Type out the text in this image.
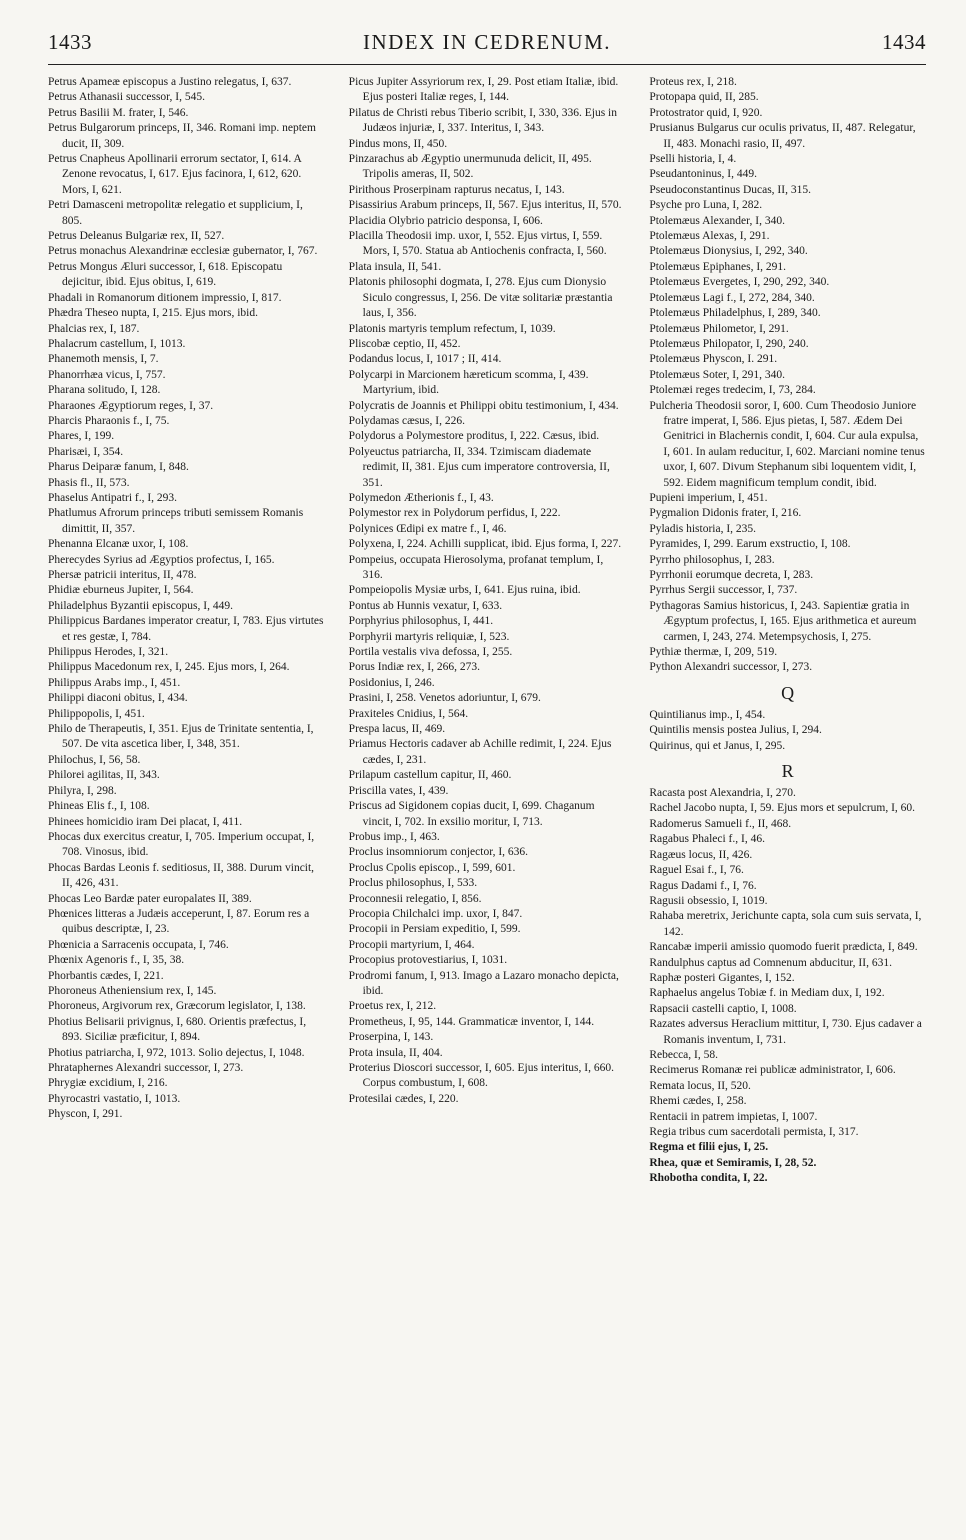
1433	INDEX IN CEDRENUM.	1434

Petrus Apameæ episcopus a Justino relegatus, I, 637.

Petrus Athanasii successor, I, 545.

Petrus Basilii M. frater, I, 546.

Petrus Bulgarorum princeps, II, 346. Romani imp. neptem ducit, II, 309.

Petrus Cnapheus Apollinarii errorum sectator, I, 614. A Zenone revocatus, I, 617. Ejus facinora, I, 612, 620. Mors, I, 621.

Petri Damasceni metropolitæ relegatio et supplicium, I, 805.

Petrus Deleanus Bulgariæ rex, II, 527.

Petrus monachus Alexandrinæ ecclesiæ gubernator, I, 767.

Petrus Mongus Æluri successor, I, 618. Episcopatu dejicitur, ibid. Ejus obitus, I, 619.

Phadali in Romanorum ditionem impressio, I, 817.

Phædra Theseo nupta, I, 215. Ejus mors, ibid.

Phalcias rex, I, 187.

Phalacrum castellum, I, 1013.

Phanemoth mensis, I, 7.

Phanorrhæa vicus, I, 757.

Pharana solitudo, I, 128.

Pharaones Ægyptiorum reges, I, 37.

Pharcis Pharaonis f., I, 75.

Phares, I, 199.

Pharisæi, I, 354.

Pharus Deiparæ fanum, I, 848.

Phasis fl., II, 573.

Phaselus Antipatri f., I, 293.

Phatlumus Afrorum princeps tributi semissem Romanis dimittit, II, 357.

Phenanna Elcanæ uxor, I, 108.

Pherecydes Syrius ad Ægyptios profectus, I, 165.

Phersæ patricii interitus, II, 478.

Phidiæ eburneus Jupiter, I, 564.

Philadelphus Byzantii episcopus, I, 449.

Philippicus Bardanes imperator creatur, I, 783. Ejus virtutes et res gestæ, I, 784.

Philippus Herodes, I, 321.

Philippus Macedonum rex, I, 245. Ejus mors, I, 264.

Philippus Arabs imp., I, 451.

Philippi diaconi obitus, I, 434.

Philippopolis, I, 451.

Philo de Therapeutis, I, 351. Ejus de Trinitate sententia, I, 507. De vita ascetica liber, I, 348, 351.

Philochus, I, 56, 58.

Philorei agilitas, II, 343.

Philyra, I, 298.

Phineas Elis f., I, 108.

Phinees homicidio iram Dei placat, I, 411.

Phocas dux exercitus creatur, I, 705. Imperium occupat, I, 708. Vinosus, ibid.

Phocas Bardas Leonis f. seditiosus, II, 388. Durum vincit, II, 426, 431.

Phocas Leo Bardæ pater europalates II, 389.

Phœnices litteras a Judæis acceperunt, I, 87. Eorum res a quibus descriptæ, I, 23.

Phœnicia a Sarracenis occupata, I, 746.

Phœnix Agenoris f., I, 35, 38.

Phorbantis cædes, I, 221.

Phoroneus Atheniensium rex, I, 145.

Phoroneus, Argivorum rex, Græcorum legislator, I, 138.

Photius Belisarii privignus, I, 680. Orientis præfectus, I, 893. Siciliæ præficitur, I, 894.

Photius patriarcha, I, 972, 1013. Solio dejectus, I, 1048.

Phrataphernes Alexandri successor, I, 273.

Phrygiæ excidium, I, 216.

Phyrocastri vastatio, I, 1013.

Physcon, I, 291.

Picus Jupiter Assyriorum rex, I, 29. Post etiam Italiæ, ibid. Ejus posteri Italiæ reges, I, 144.

Pilatus de Christi rebus Tiberio scribit, I, 330, 336. Ejus in Judæos injuriæ, I, 337. Interitus, I, 343.

Pindus mons, II, 450.

Pinzarachus ab Ægyptio unermunuda delicit, II, 495. Tripolis ameras, II, 502.

Pirithous Proserpinam rapturus necatus, I, 143.

Pisassirius Arabum princeps, II, 567. Ejus interitus, II, 570.

Placidia Olybrio patricio desponsa, I, 606.

Placilla Theodosii imp. uxor, I, 552. Ejus virtus, I, 559. Mors, I, 570. Statua ab Antiochenis confracta, I, 560.

Plata insula, II, 541.

Platonis philosophi dogmata, I, 278. Ejus cum Dionysio Siculo congressus, I, 256. De vitæ solitariæ præstantia laus, I, 356.

Platonis martyris templum refectum, I, 1039.

Pliscobæ ceptio, II, 452.

Podandus locus, I, 1017 ; II, 414.

Polycarpi in Marcionem hæreticum scomma, I, 439. Martyrium, ibid.

Polycratis de Joannis et Philippi obitu testimonium, I, 434.

Polydamas cæsus, I, 226.

Polydorus a Polymestore proditus, I, 222. Cæsus, ibid.

Polyeuctus patriarcha, II, 334. Tzimiscam diademate redimit, II, 381. Ejus cum imperatore controversia, II, 351.

Polymedon Ætherionis f., I, 43.

Polymestor rex in Polydorum perfidus, I, 222.

Polynices Œdipi ex matre f., I, 46.

Polyxena, I, 224. Achilli supplicat, ibid. Ejus forma, I, 227.

Pompeius, occupata Hierosolyma, profanat templum, I, 316.

Pompeiopolis Mysiæ urbs, I, 641. Ejus ruina, ibid.

Pontus ab Hunnis vexatur, I, 633.

Porphyrius philosophus, I, 441.

Porphyrii martyris reliquiæ, I, 523.

Portila vestalis viva defossa, I, 255.

Porus Indiæ rex, I, 266, 273.

Posidonius, I, 246.

Prasini, I, 258. Venetos adoriuntur, I, 679.

Praxiteles Cnidius, I, 564.

Prespa lacus, II, 469.

Priamus Hectoris cadaver ab Achille redimit, I, 224. Ejus cædes, I, 231.

Prilapum castellum capitur, II, 460.

Priscilla vates, I, 439.

Priscus ad Sigidonem copias ducit, I, 699. Chaganum vincit, I, 702. In exsilio moritur, I, 713.

Probus imp., I, 463.

Proclus insomniorum conjector, I, 636.

Proclus Cpolis episcop., I, 599, 601.

Proclus philosophus, I, 533.

Proconnesii relegatio, I, 856.

Procopia Chilchalci imp. uxor, I, 847.

Procopii in Persiam expeditio, I, 599.

Procopii martyrium, I, 464.

Procopius protovestiarius, I, 1031.

Prodromi fanum, I, 913. Imago a Lazaro monacho depicta, ibid.

Proetus rex, I, 212.

Prometheus, I, 95, 144. Grammaticæ inventor, I, 144.

Proserpina, I, 143.

Prota insula, II, 404.

Proterius Dioscori successor, I, 605. Ejus interitus, I, 660. Corpus combustum, I, 608.

Protesilai cædes, I, 220.

Proteus rex, I, 218.

Protopapa quid, II, 285.

Protostrator quid, I, 920.

Prusianus Bulgarus cur oculis privatus, II, 487. Relegatur, II, 483. Monachi rasio, II, 497.

Pselli historia, I, 4.

Pseudantoninus, I, 449.

Pseudoconstantinus Ducas, II, 315.

Psyche pro Luna, I, 282.

Ptolemæus Alexander, I, 340.

Ptolemæus Alexas, I, 291.

Ptolemæus Dionysius, I, 292, 340.

Ptolemæus Epiphanes, I, 291.

Ptolemæus Evergetes, I, 290, 292, 340.

Ptolemæus Lagi f., I, 272, 284, 340.

Ptolemæus Philadelphus, I, 289, 340.

Ptolemæus Philometor, I, 291.

Ptolemæus Philopator, I, 290, 240.

Ptolemæus Physcon, I. 291.

Ptolemæus Soter, I, 291, 340.

Ptolemæi reges tredecim, I, 73, 284.

Pulcheria Theodosii soror, I, 600. Cum Theodosio Juniore fratre imperat, I, 586. Ejus pietas, I, 587. Ædem Dei Genitrici in Blachernis condit, I, 604. Cur aula expulsa, I, 601. In aulam reducitur, I, 602. Marciani nomine tenus uxor, I, 607. Divum Stephanum sibi loquentem vidit, I, 592. Eidem magnificum templum condit, ibid.

Pupieni imperium, I, 451.

Pygmalion Didonis frater, I, 216.

Pyladis historia, I, 235.

Pyramides, I, 299. Earum exstructio, I, 108.

Pyrrho philosophus, I, 283.

Pyrrhonii eorumque decreta, I, 283.

Pyrrhus Sergii successor, I, 737.

Pythagoras Samius historicus, I, 243. Sapientiæ gratia in Ægyptum profectus, I, 165. Ejus arithmetica et aureum carmen, I, 243, 274. Metempsychosis, I, 275.

Pythiæ thermæ, I, 209, 519.

Python Alexandri successor, I, 273.

Q

Quintilianus imp., I, 454.

Quintilis mensis postea Julius, I, 294.

Quirinus, qui et Janus, I, 295.

R

Racasta post Alexandria, I, 270.

Rachel Jacobo nupta, I, 59. Ejus mors et sepulcrum, I, 60.

Radomerus Samueli f., II, 468.

Ragabus Phaleci f., I, 46.

Ragæus locus, II, 426.

Raguel Esai f., I, 76.

Ragus Dadami f., I, 76.

Ragusii obsessio, I, 1019.

Rahaba meretrix, Jerichunte capta, sola cum suis servata, I, 142.

Rancabæ imperii amissio quomodo fuerit prædicta, I, 849.

Randulphus captus ad Comnenum abducitur, II, 631.

Raphæ posteri Gigantes, I, 152.

Raphaelus angelus Tobiæ f. in Mediam dux, I, 192.

Rapsacii castelli captio, I, 1008.

Razates adversus Heraclium mittitur, I, 730. Ejus cadaver a Romanis inventum, I, 731.

Rebecca, I, 58.

Recimerus Romanæ rei publicæ administrator, I, 606.

Remata locus, II, 520.

Rhemi cædes, I, 258.

Rentacii in patrem impietas, I, 1007.

Regia tribus cum sacerdotali permista, I, 317.

Regma et filii ejus, I, 25.

Rhea, quæ et Semiramis, I, 28, 52.

Rhobotha condita, I, 22.
